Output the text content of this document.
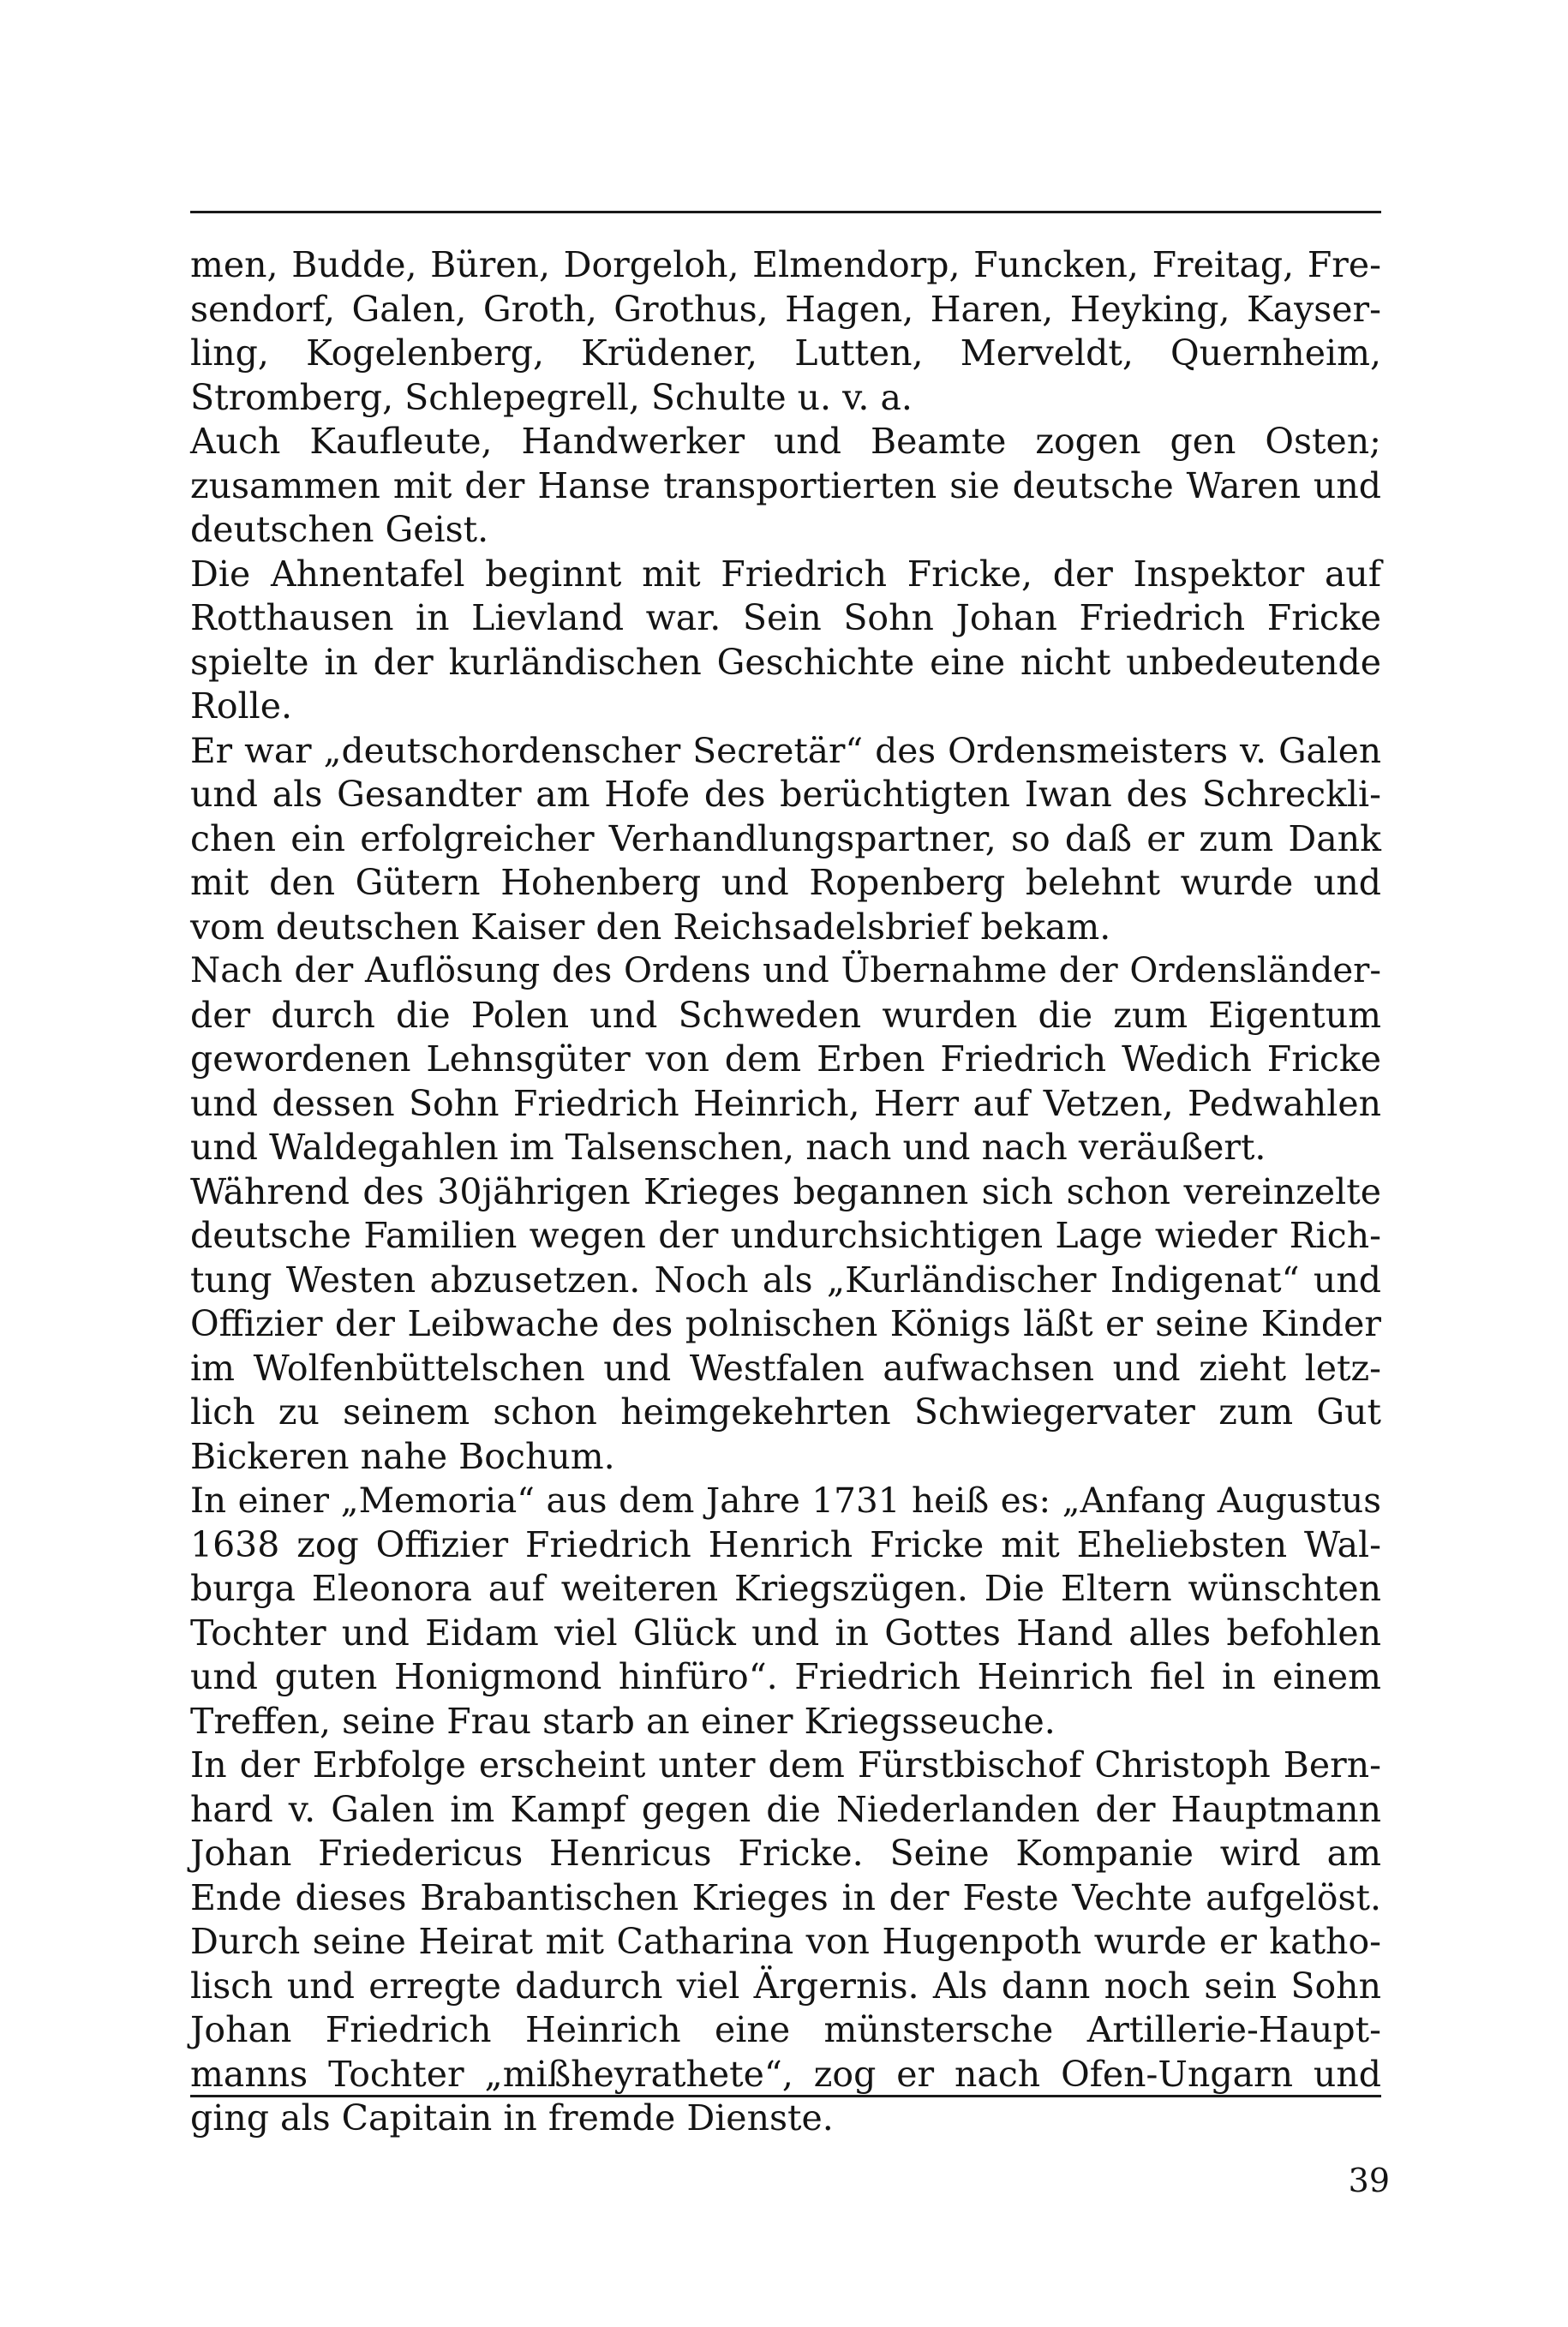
men, Budde, Büren, Dorgeloh, Elmendorp, Funcken, Freitag, Fre-
sendorf, Galen, Groth, Grothus, Hagen, Haren, Heyking, Kayser-
ling, Kogelenberg, Krüdener, Lutten, Merveldt, Quernheim,
Stromberg, Schlepegrell, Schulte u. v. a.

Auch Kaufleute, Handwerker und Beamte zogen gen Osten;
zusammen mit der Hanse transportierten sie deutsche Waren und
deutschen Geist.

Die Ahnentafel beginnt mit Friedrich Fricke, der Inspektor auf
Rotthausen in Lievland war. Sein Sohn Johan Friedrich Fricke
spielte in der kurländischen Geschichte eine nicht unbedeutende
Rolle.

Er war „deutschordenscher Secretär“ des Ordensmeisters v. Galen
und als Gesandter am Hofe des berüchtigten Iwan des Schreckli-
chen ein erfolgreicher Verhandlungspartner, so daß er zum Dank
mit den Gütern Hohenberg und Ropenberg belehnt wurde und
vom deutschen Kaiser den Reichsadelsbrief bekam.

Nach der Auflösung des Ordens und Übernahme der Ordensländer-
der durch die Polen und Schweden wurden die zum Eigentum
gewordenen Lehnsgüter von dem Erben Friedrich Wedich Fricke
und dessen Sohn Friedrich Heinrich, Herr auf Vetzen, Pedwahlen
und Waldegahlen im Talsenschen, nach und nach veräußert.

Während des 30jährigen Krieges begannen sich schon vereinzelte
deutsche Familien wegen der undurchsichtigen Lage wieder Rich-
tung Westen abzusetzen. Noch als „Kurländischer Indigenat“ und
Offizier der Leibwache des polnischen Königs läßt er seine Kinder
im Wolfenbüttelschen und Westfalen aufwachsen und zieht letz-
lich zu seinem schon heimgekehrten Schwiegervater zum Gut
Bickeren nahe Bochum.

In einer „Memoria“ aus dem Jahre 1731 heiß es: „Anfang Augustus
1638 zog Offizier Friedrich Henrich Fricke mit Eheliebsten Wal-
burga Eleonora auf weiteren Kriegszügen. Die Eltern wünschten
Tochter und Eidam viel Glück und in Gottes Hand alles befohlen
und guten Honigmond hinfüro“. Friedrich Heinrich fiel in einem
Treffen, seine Frau starb an einer Kriegsseuche.

In der Erbfolge erscheint unter dem Fürstbischof Christoph Bern-
hard v. Galen im Kampf gegen die Niederlanden der Hauptmann
Johan Friedericus Henricus Fricke. Seine Kompanie wird am
Ende dieses Brabantischen Krieges in der Feste Vechte aufgelöst.
Durch seine Heirat mit Catharina von Hugenpoth wurde er katho-
lisch und erregte dadurch viel Ärgernis. Als dann noch sein Sohn
Johan Friedrich Heinrich eine münstersche Artillerie-Haupt-
manns Tochter „mißheyrathete“, zog er nach Ofen-Ungarn und
ging als Capitain in fremde Dienste.

39
